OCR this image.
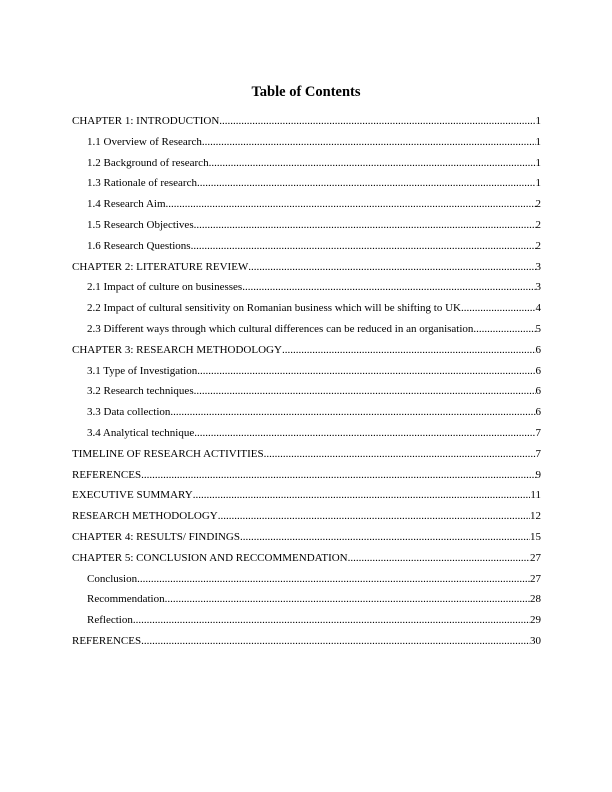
Table of Contents
CHAPTER 1: INTRODUCTION .....	1
1.1 Overview of Research .....	1
1.2 Background of research .....	1
1.3 Rationale of research .....	1
1.4 Research Aim .....	2
1.5 Research Objectives .....	2
1.6 Research Questions .....	2
CHAPTER 2: LITERATURE REVIEW .....	3
2.1 Impact of culture on businesses .....	3
2.2 Impact of cultural sensitivity on Romanian business which will be shifting to UK .....	4
2.3 Different ways through which cultural differences can be reduced in an organisation .....	5
CHAPTER 3: RESEARCH METHODOLOGY .....	6
3.1 Type of Investigation .....	6
3.2 Research techniques .....	6
3.3 Data collection .....	6
3.4 Analytical technique .....	7
TIMELINE OF RESEARCH ACTIVITIES .....	7
REFERENCES .....	9
EXECUTIVE SUMMARY .....	11
RESEARCH METHODOLOGY .....	12
CHAPTER 4: RESULTS/ FINDINGS .....	15
CHAPTER 5: CONCLUSION AND RECCOMMENDATION .....	27
Conclusion .....	27
Recommendation .....	28
Reflection .....	29
REFERENCES .....	30
